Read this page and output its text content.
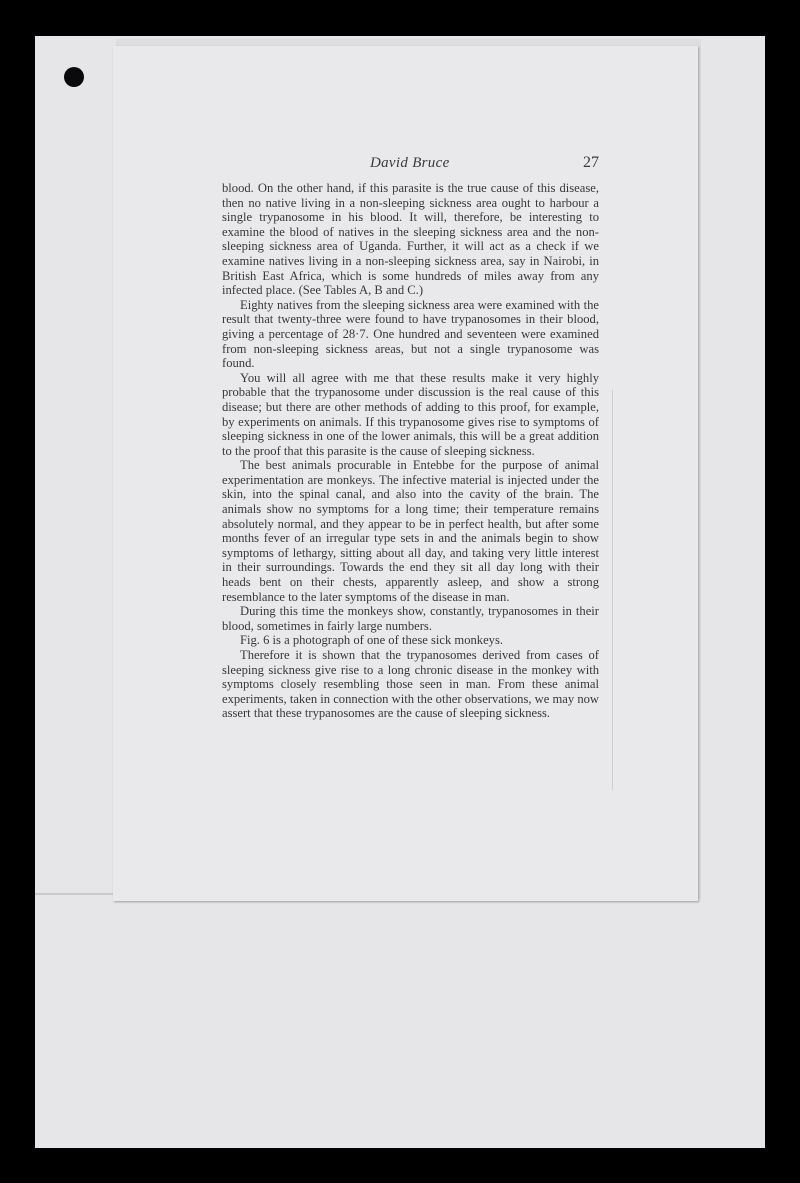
David Bruce	27

blood. On the other hand, if this parasite is the true cause of this disease, then no native living in a non-sleeping sickness area ought to harbour a single trypanosome in his blood. It will, therefore, be interesting to examine the blood of natives in the sleeping sickness area and the non-sleeping sickness area of Uganda. Further, it will act as a check if we examine natives living in a non-sleeping sickness area, say in Nairobi, in British East Africa, which is some hundreds of miles away from any infected place. (See Tables A, B and C.)

Eighty natives from the sleeping sickness area were examined with the result that twenty-three were found to have trypanosomes in their blood, giving a percentage of 28·7. One hundred and seventeen were examined from non-sleeping sickness areas, but not a single trypanosome was found.

You will all agree with me that these results make it very highly probable that the trypanosome under discussion is the real cause of this disease; but there are other methods of adding to this proof, for example, by experiments on animals. If this trypanosome gives rise to symptoms of sleeping sickness in one of the lower animals, this will be a great addition to the proof that this parasite is the cause of sleeping sickness.

The best animals procurable in Entebbe for the purpose of animal experimentation are monkeys. The infective material is injected under the skin, into the spinal canal, and also into the cavity of the brain. The animals show no symptoms for a long time; their temperature remains absolutely normal, and they appear to be in perfect health, but after some months fever of an irregular type sets in and the animals begin to show symptoms of lethargy, sitting about all day, and taking very little interest in their surroundings. Towards the end they sit all day long with their heads bent on their chests, apparently asleep, and show a strong resemblance to the later symptoms of the disease in man.

During this time the monkeys show, constantly, trypanosomes in their blood, sometimes in fairly large numbers.

Fig. 6 is a photograph of one of these sick monkeys.

Therefore it is shown that the trypanosomes derived from cases of sleeping sickness give rise to a long chronic disease in the monkey with symptoms closely resembling those seen in man. From these animal experiments, taken in connection with the other observations, we may now assert that these trypanosomes are the cause of sleeping sickness.
